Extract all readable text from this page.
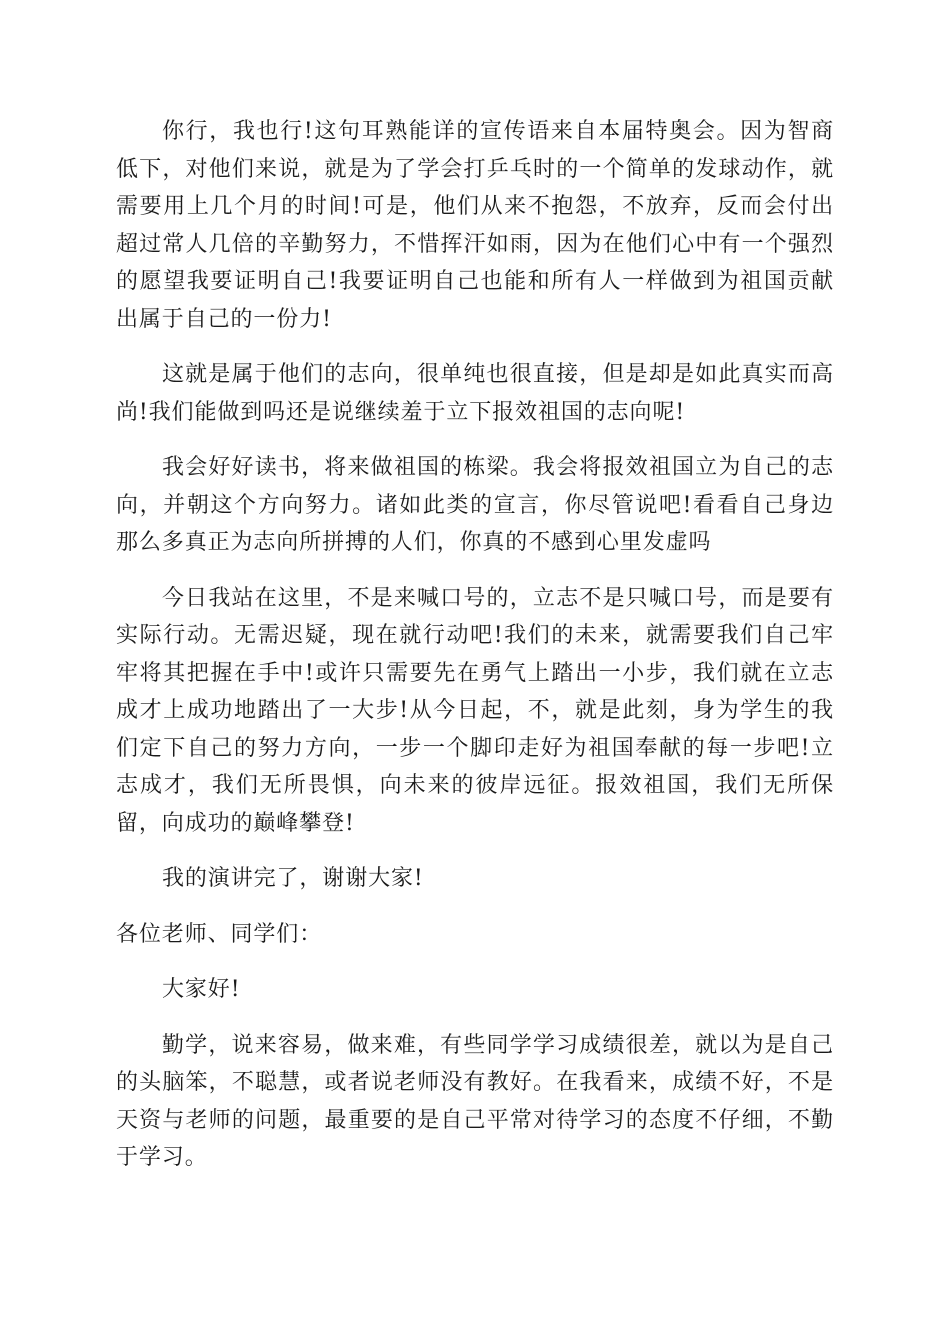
你行，我也行!这句耳熟能详的宣传语来自本届特奥会。因为智商低下，对他们来说，就是为了学会打乒乓时的一个简单的发球动作，就需要用上几个月的时间!可是，他们从来不抱怨，不放弃，反而会付出超过常人几倍的辛勤努力，不惜挥汗如雨，因为在他们心中有一个强烈的愿望我要证明自己!我要证明自己也能和所有人一样做到为祖国贡献出属于自己的一份力!

这就是属于他们的志向，很单纯也很直接，但是却是如此真实而高尚!我们能做到吗还是说继续羞于立下报效祖国的志向呢!

我会好好读书，将来做祖国的栋梁。我会将报效祖国立为自己的志向，并朝这个方向努力。诸如此类的宣言，你尽管说吧!看看自己身边那么多真正为志向所拼搏的人们，你真的不感到心里发虚吗

今日我站在这里，不是来喊口号的，立志不是只喊口号，而是要有实际行动。无需迟疑，现在就行动吧!我们的未来，就需要我们自己牢牢将其把握在手中!或许只需要先在勇气上踏出一小步，我们就在立志成才上成功地踏出了一大步!从今日起，不，就是此刻，身为学生的我们定下自己的努力方向，一步一个脚印走好为祖国奉献的每一步吧!立志成才，我们无所畏惧，向未来的彼岸远征。报效祖国，我们无所保留，向成功的巅峰攀登!

我的演讲完了，谢谢大家!

各位老师、同学们：

大家好!

勤学，说来容易，做来难，有些同学学习成绩很差，就以为是自己的头脑笨，不聪慧，或者说老师没有教好。在我看来，成绩不好，不是天资与老师的问题，最重要的是自己平常对待学习的态度不仔细，不勤于学习。
